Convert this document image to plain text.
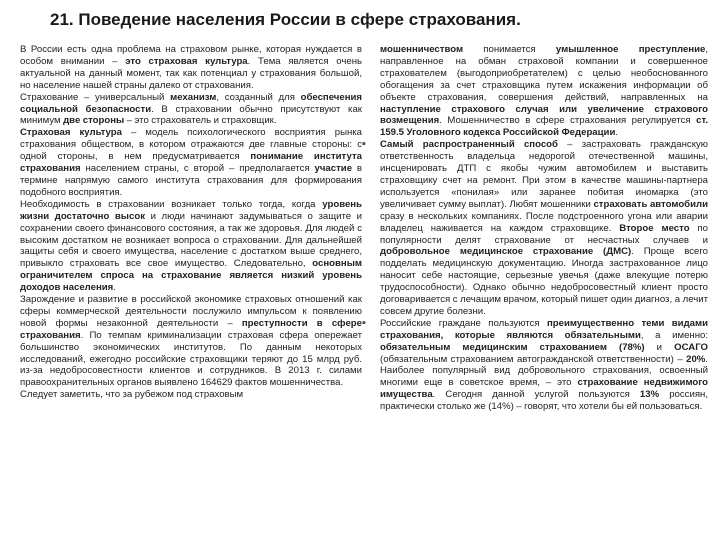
21. Поведение населения России в сфере страхования.

В России есть одна проблема на страховом рынке, которая нуждается в особом внимании – это страховая культура. Тема является очень актуальной на данный момент, так как потенциал у страхования большой, но население нашей страны далеко от страхования.

Страхование – универсальный механизм, созданный для обеспечения социальной безопасности. В страховании обычно присутствуют как минимум две стороны – это страхователь и страховщик.

Страховая культура – модель психологического восприятия рынка страхования обществом, в котором отражаются две главные стороны: с одной стороны, в нем предусматривается понимание института страхования населением страны, с второй – предполагается участие в термине напрямую самого института страхования для формирования подобного восприятия.

Необходимость в страховании возникает только тогда, когда уровень жизни достаточно высок и люди начинают задумываться о защите и сохранении своего финансового состояния, а так же здоровья. Для людей с высоким достатком не возникает вопроса о страховании. Для дальнейшей защиты себя и своего имущества, население с достатком выше среднего, привыкло страховать все свое имущество. Следовательно, основным ограничителем спроса на страхование является низкий уровень доходов населения.

Зарождение и развитие в российской экономике страховых отношений как сферы коммерческой деятельности послужило импульсом к появлению новой формы незаконной деятельности – преступности в сфере страхования. По темпам криминализации страховая сфера опережает большинство экономических институтов. По данным некоторых исследований, ежегодно российские страховщики теряют до 15 млрд руб. из-за недобросовестности клиентов и сотрудников. В 2013 г. силами правоохранительных органов выявлено 164629 фактов мошенничества.

Следует заметить, что за рубежом под страховым

мошенничеством понимается умышленное преступление, направленное на обман страховой компании и совершенное страхователем (выгодоприобретателем) с целью необоснованного обогащения за счет страховщика путем искажения информации об объекте страхования, совершения действий, направленных на наступление страхового случая или увеличение страхового возмещения. Мошенничество в сфере страхования регулируется ст. 159.5 Уголовного кодекса Российской Федерации.

▪ Самый распространенный способ – застраховать гражданскую ответственность владельца недорогой отечественной машины, инсценировать ДТП с якобы чужим автомобилем и выставить страховщику счет на ремонт. При этом в качестве машины-партнера используется «понилая» или заранее побитая иномарка (это увеличивает сумму выплат). Любят мошенники страховать автомобили сразу в нескольких компаниях. После подстроенного угона или аварии владелец наживается на каждом страховщике. Второе место по популярности делят страхование от несчастных случаев и добровольное медицинское страхование (ДМС). Проще всего подделать медицинскую документацию. Иногда застрахованное лицо наносит себе настоящие, серьезные увечья (даже влекущие потерю трудоспособности). Однако обычно недобросовестный клиент просто договаривается с лечащим врачом, который пишет один диагноз, а лечит совсем другие болезни.

▪ Российские граждане пользуются преимущественно теми видами страхования, которые являются обязательными, а именно: обязательным медицинским страхованием (78%) и ОСАГО (обязательным страхованием автогражданской ответственности) – 20%. Наиболее популярный вид добровольного страхования, освоенный многими еще в советское время, – это страхование недвижимого имущества. Сегодня данной услугой пользуются 13% россиян, практически столько же (14%) – говорят, что хотели бы ей пользоваться.
